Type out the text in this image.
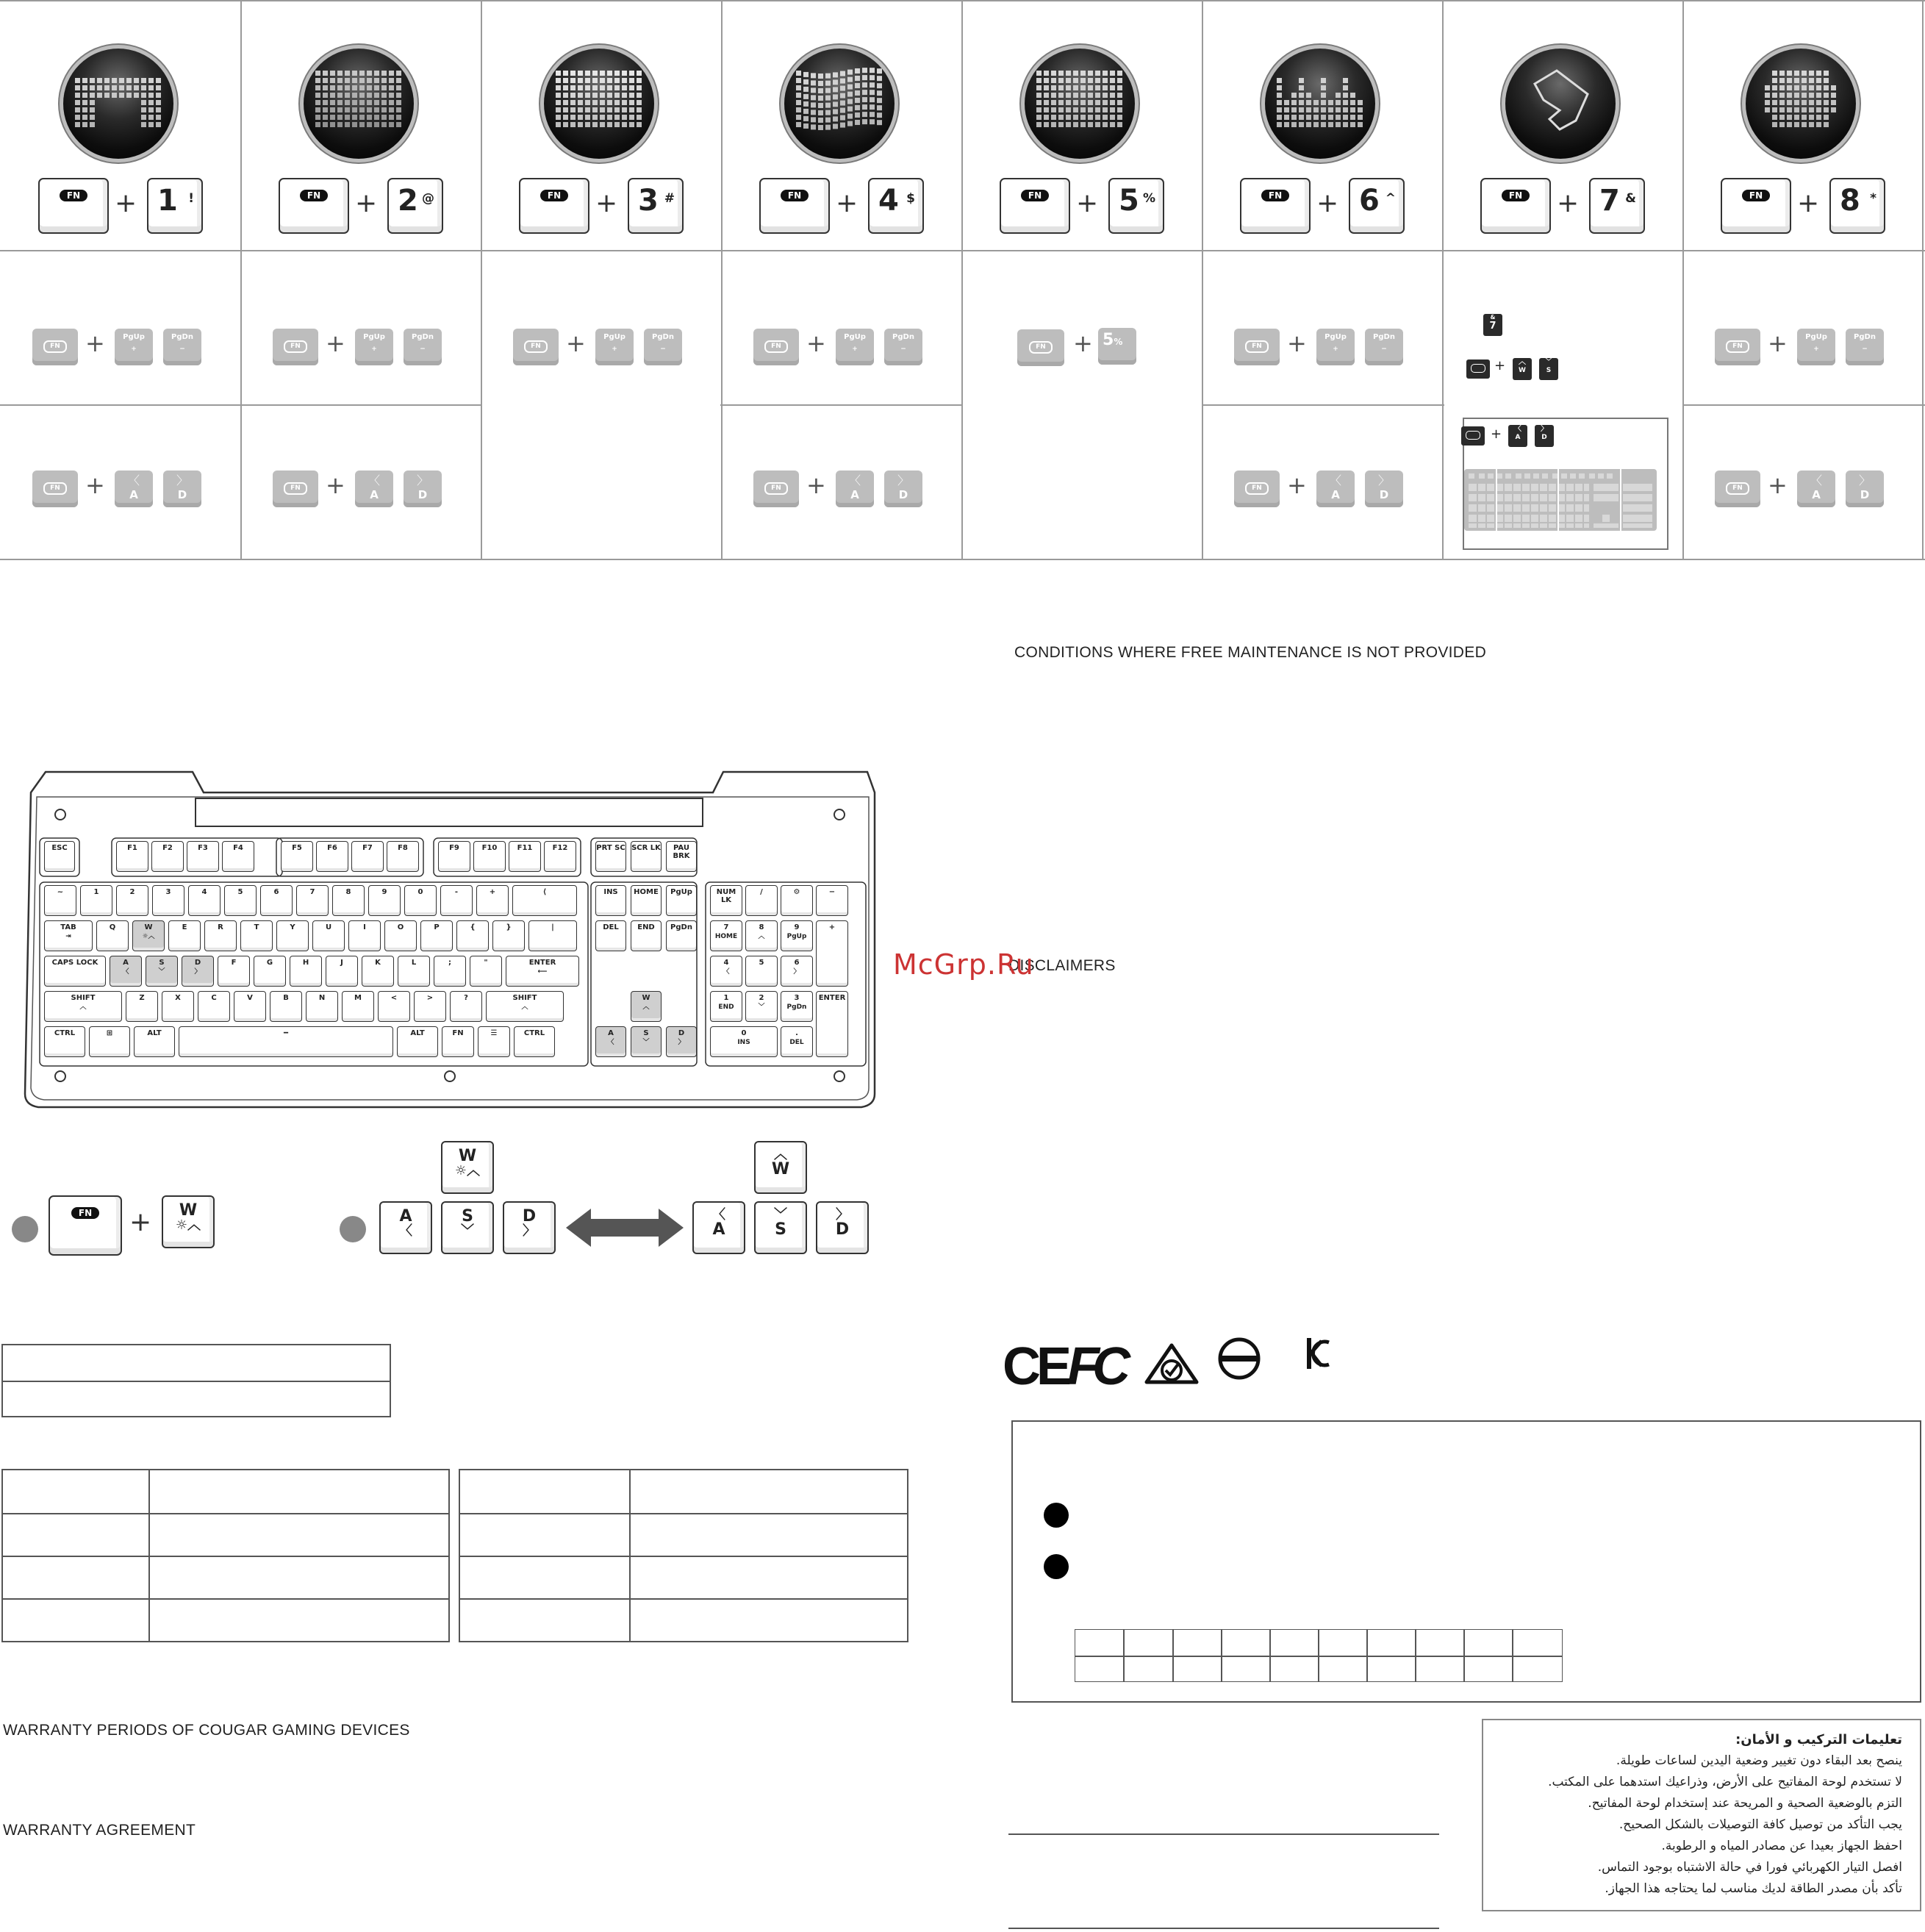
FN + 1 !	FN + 2 @	FN + 3 #	FN + 4 $	FN + 5 %	FN + 6 ^	FN + 7 &	FN + 8 *
FN	+	PgUp
+
PgDn
−	FN	+	PgUp
+
PgDn
−	FN	+	PgUp
+
PgDn
−	FN	+	PgUp
+
PgDn
−	FN	+	PgUp
+
PgDn
−	FN	+	PgUp
+
PgDn
−
FN	+	〈
A
〉
D	FN	+	〈
A
〉
D	FN	+	〈
A
〉
D	FN	+	〈
A
〉
D	FN	+	〈
A
〉
D
&
7
+	︿
W
﹀
S
+	〈
A
〉
D
FN	+ 5%
CONDITIONS WHERE FREE MAINTENANCE IS NOT PROVIDED
DISCLAIMERS
WARRANTY PERIODS OF COUGAR GAMING DEVICES
WARRANTY AGREEMENT
McGrp.Ru
ESC	F1	F2	F3	F4	F5	F6	F7	F8	F9	F10	F11	F12	PRT SC SCR LK	PAU BRK
~	1	2	3	4	5	6	7	8	9	0	-	+	⟨
TAB
⇥
Q	W
☼︿
E	R	T	Y	U	I	O	P	{	}	|
CAPS LOCK	A
〈
S
﹀
D
〉
F	G	H	J	K	L	;	"	ENTER
⟵
SHIFT
︿
Z	X	C	V	B	N	M	<	>	?	SHIFT
︿
CTRL	⊞	ALT	━	ALT	FN	☰	CTRL
INS	HOME	PgUp
DEL	END	PgDn
W
︿
A
〈
S
﹀
D
〉
NUM LK
/	⚙	−
7
HOME
8
︿
9
PgUp
+
4
〈
5	6
〉
1
END
2
﹀
3
PgDn
ENTER
0
INS
.
DEL
FN +	W
☼︿
W
☼︿
A
〈
S
﹀
D
〉
︿
W
〈
A
﹀
S
〉
D
CE FC
تعليمات التركيب و الأمان:
ينصح بعد البقاء دون تغيير وضعية اليدين لساعات طويلة.
لا تستخدم لوحة المفاتيح على الأرض، وذراعيك استدهما على المكتب.
التزم بالوضعية الصحية و المريحة عند إستخدام لوحة المفاتيح.
يجب التأكد من توصيل كافة التوصيلات بالشكل الصحيح.
احفظ الجهاز بعيدا عن مصادر المياه و الرطوبة.
افصل التيار الكهربائي فورا في حالة الاشتباه بوجود التماس.
تأكد بأن مصدر الطاقة لديك مناسب لما يحتاجه هذا الجهاز.
